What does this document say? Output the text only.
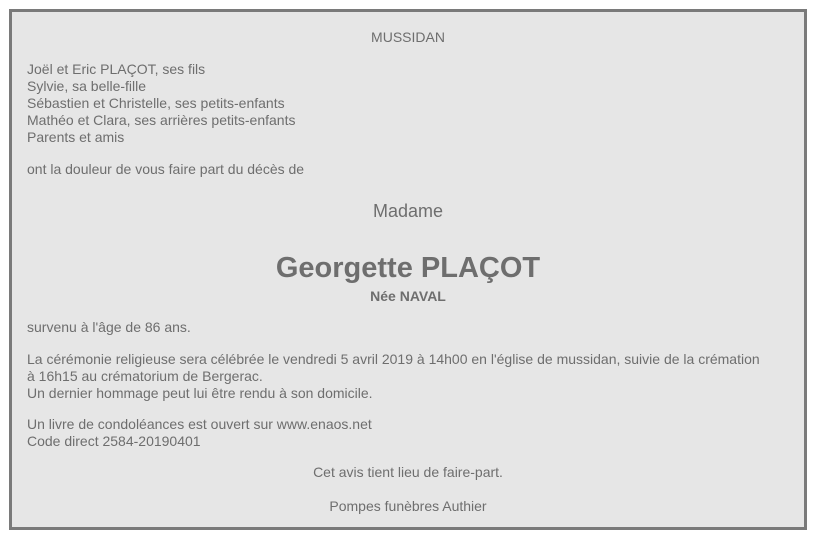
MUSSIDAN
Joël et Eric PLAÇOT, ses fils
Sylvie, sa belle-fille
Sébastien et Christelle, ses petits-enfants
Mathéo et Clara, ses arrières petits-enfants
Parents et amis
ont la douleur de vous faire part du décès de
Madame
Georgette PLAÇOT
Née NAVAL
survenu à l'âge de 86 ans.
La cérémonie religieuse sera célébrée le vendredi 5 avril 2019 à 14h00 en l'église de mussidan, suivie de la crémation
à 16h15 au crématorium de Bergerac.
Un dernier hommage peut lui être rendu à son domicile.
Un livre de condoléances est ouvert sur www.enaos.net
Code direct 2584-20190401
Cet avis tient lieu de faire-part.
Pompes funèbres Authier
